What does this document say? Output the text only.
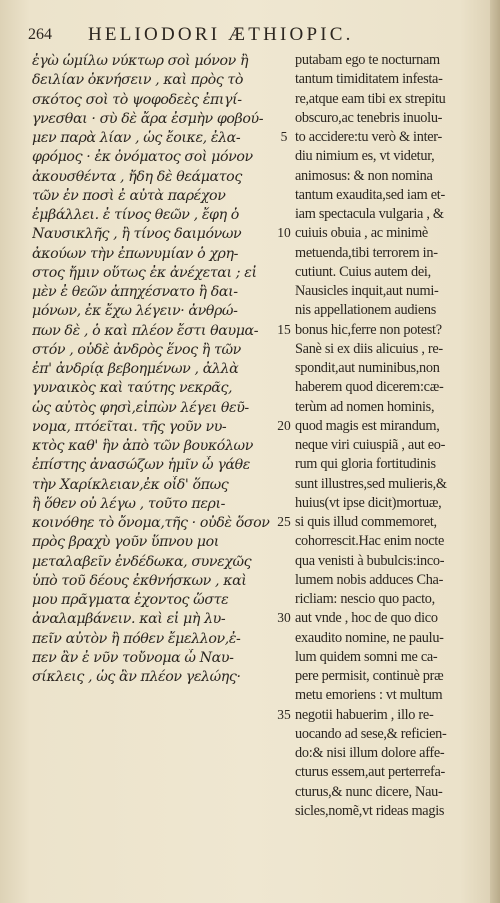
264 HELIODORI ÆTHIOPIC.
ἐγὼ ὡμίλω νύκτωρ σοὶ μόνον ἢ
δειλίαν ὀκνήσειν , καὶ πρὸς τὸ
σκότος σοὶ τὸ ψοφοδεὲς ἐπιγί-
γνεσθαι · σὺ δὲ ἄρα ἐσμὴν φοβού-
μεν παρὰ λίαν , ὡς ἔοικε, ἐλα-
φρόμος · ἐκ ὀνόματος σοὶ μόνον
ἀκουσθέντα , ἤδη δὲ θεάματος
τῶν ἐν ποσὶ ἐ αὐτὰ παρέχον
ἐμβάλλει. ἐ τίνος θεῶν , ἔφη ὁ
Ναυσικλῆς , ἢ τίνος δαιμόνων
ἀκούων τὴν ἐπωνυμίαν ὁ χρη-
στος ἤμιν οὕτως ἐκ ἀνέχεται ; εἰ
μὲν ἐ θεῶν ἀπηχέσνατο ἢ δαι-
μόνων, ἐκ ἔχω λέγειν· ἀνθρώ-
πων δὲ , ὁ καὶ πλέον ἔστι θαυμα-
στόν , οὐδὲ ἀνδρὸς ἕνος ἢ τῶν
ἐπ' ἀνδρίᾳ βεβοημένων , ἀλλὰ
γυναικὸς καὶ ταύτης νεκρᾶς,
ὡς αὐτὸς φησὶ,εἰπὼν λέγει θεῦ-
νομα, πτόεῖται. τῆς γοῦν νυ-
κτὸς καθ' ἣν ἀπὸ τῶν βουκόλων
ἐπίστης ἀνασώζων ἡμῖν ὦ γάθε
τὴν Χαρίκλειαν,ἐκ οἶδ' ὅπως
ἢ ὅθεν οὐ λέγω , τοῦτο περι-
κοινόθηε τὸ ὄνομα,τῆς · οὐδὲ ὅσον
πρὸς βραχὺ γοῦν ὕπνου μοι
μεταλαβεῖν ἐνδέδωκα, συνεχῶς
ὑπὸ τοῦ δέους ἐκθνήσκων , καὶ
μου πρᾶγματα ἐχοντος ὥστε
ἀναλαμβάνειν. καὶ εἰ μὴ λυ-
πεῖν αὐτὸν ἢ πόθεν ἔμελλον,ἐ-
πεν ἂν ἐ νῦν τοὔνομα ὦ Ναυ-
σίκλεις , ὡς ἂν πλέον γελώης·
5
10
15
20
25
30
35
putabam ego te nocturnam
tantum timiditatem infesta-
re,atque eam tibi ex strepitu
obscuro,ac tenebris inuolu-
to accidere:tu verò & inter-
diu nimium es, vt videtur,
animosus: & non nomina
tantum exaudita,sed iam et-
iam spectacula vulgaria , &
cuiuis obuia , ac minimè
metuenda,tibi terrorem in-
cutiunt. Cuius autem dei,
Nausicles inquit,aut numi-
nis appellationem audiens
bonus hic,ferre non potest?
Sanè si ex diis alicuius , re-
spondit,aut numinibus,non
haberem quod dicerem:cæ-
terùm ad nomen hominis,
quod magis est mirandum,
neque viri cuiuspiã , aut eo-
rum qui gloria fortitudinis
sunt illustres,sed mulieris,&
huius(vt ipse dicit)mortuæ,
si quis illud commemoret,
cohorrescit.Hac enim nocte
qua venisti à bubulcis:inco-
lumem nobis adduces Cha-
ricliam: nescio quo pacto,
aut vnde , hoc de quo dico
exaudito nomine, ne paulu-
lum quidem somni me ca-
pere permisit, continuè præ
metu emoriens : vt multum
negotii habuerim , illo re-
uocando ad sese,& reficien-
do:& nisi illum dolore affe-
cturus essem,aut perterrefa-
cturus,& nunc dicere, Nau-
sicles,nomẽ,vt rideas magis
